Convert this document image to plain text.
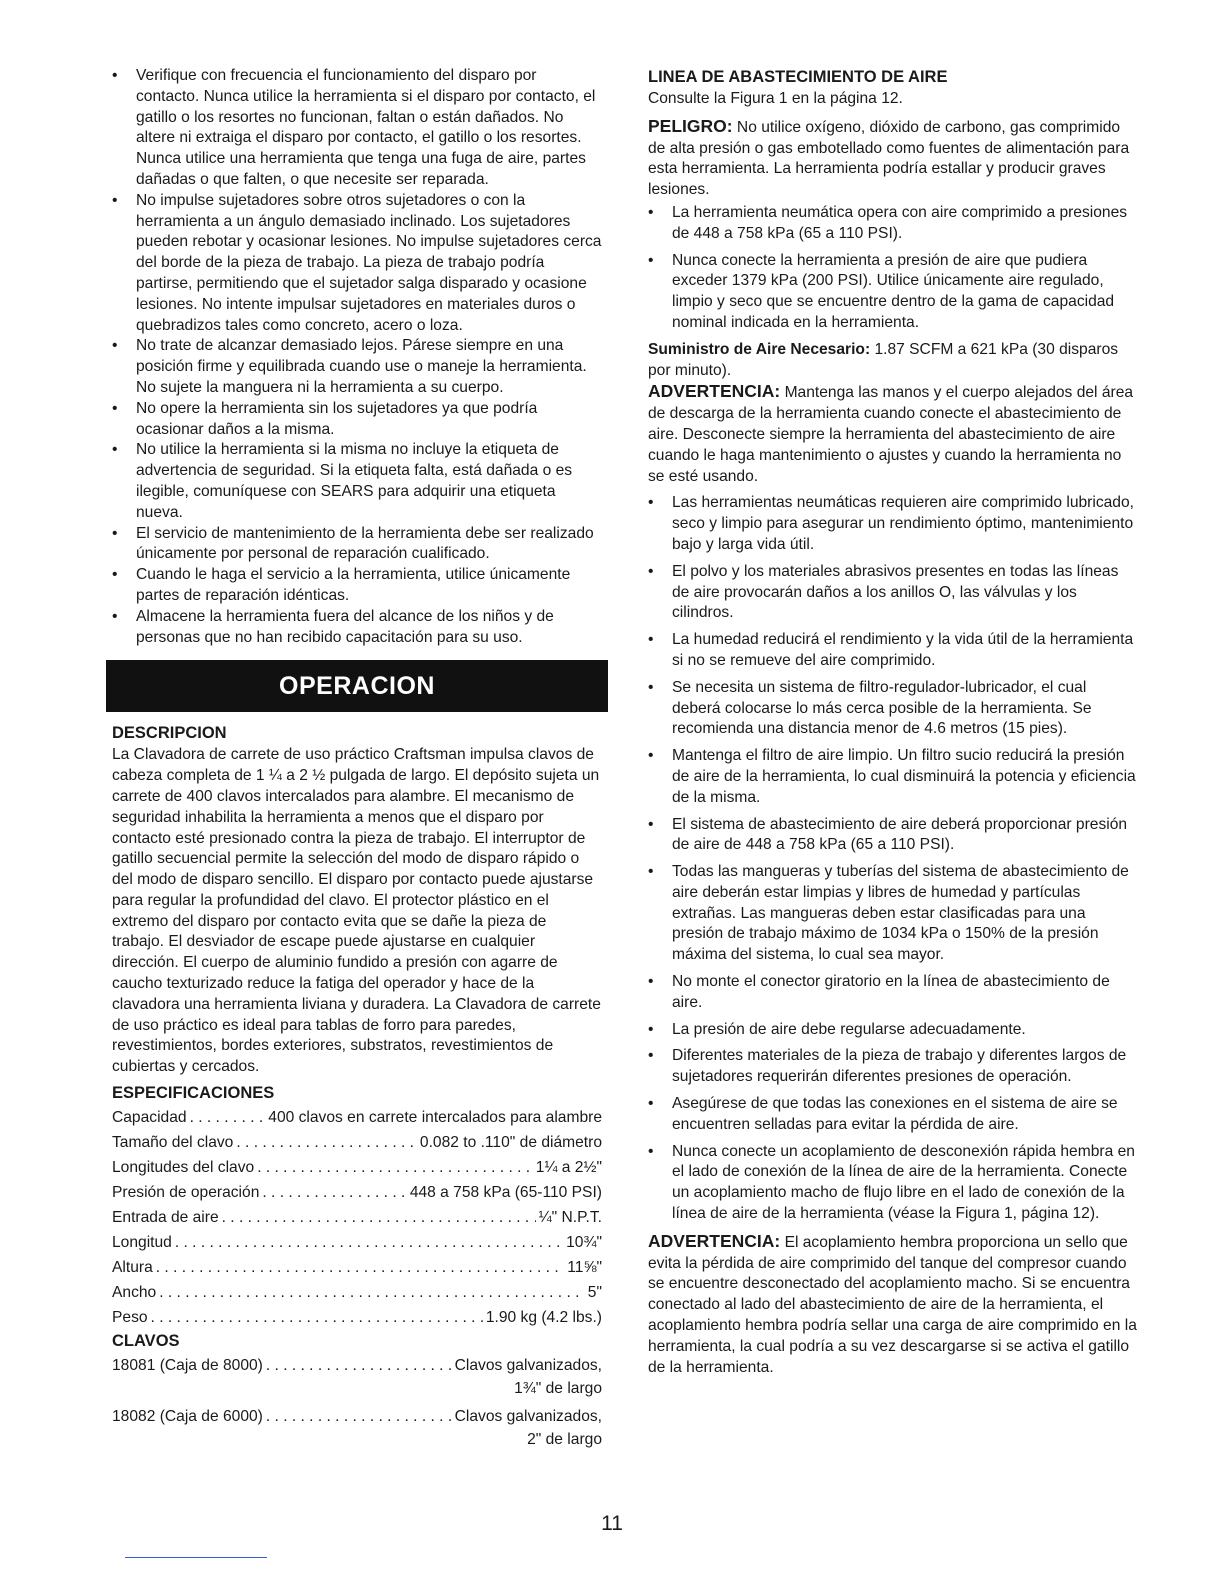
• Verifique con frecuencia el funcionamiento del disparo por contacto. Nunca utilice la herramienta si el disparo por contacto, el gatillo o los resortes no funcionan, faltan o están dañados. No altere ni extraiga el disparo por contacto, el gatillo o los resortes. Nunca utilice una herramienta que tenga una fuga de aire, partes dañadas o que falten, o que necesite ser reparada.
• No impulse sujetadores sobre otros sujetadores o con la herramienta a un ángulo demasiado inclinado. Los sujetadores pueden rebotar y ocasionar lesiones. No impulse sujetadores cerca del borde de la pieza de trabajo. La pieza de trabajo podría partirse, permitiendo que el sujetador salga disparado y ocasione lesiones. No intente impulsar sujetadores en materiales duros o quebradizos tales como concreto, acero o loza.
• No trate de alcanzar demasiado lejos. Párese siempre en una posición firme y equilibrada cuando use o maneje la herramienta. No sujete la manguera ni la herramienta a su cuerpo.
• No opere la herramienta sin los sujetadores ya que podría ocasionar daños a la misma.
• No utilice la herramienta si la misma no incluye la etiqueta de advertencia de seguridad. Si la etiqueta falta, está dañada o es ilegible, comuníquese con SEARS para adquirir una etiqueta nueva.
• El servicio de mantenimiento de la herramienta debe ser realizado únicamente por personal de reparación cualificado.
• Cuando le haga el servicio a la herramienta, utilice únicamente partes de reparación idénticas.
• Almacene la herramienta fuera del alcance de los niños y de personas que no han recibido capacitación para su uso.
OPERACION
DESCRIPCION

La Clavadora de carrete de uso práctico Craftsman impulsa clavos de cabeza completa de 1 ¼ a 2 ½ pulgada de largo. El depósito sujeta un carrete de 400 clavos intercalados para alambre. El mecanismo de seguridad inhabilita la herramienta a menos que el disparo por contacto esté presionado contra la pieza de trabajo. El interruptor de gatillo secuencial permite la selección del modo de disparo rápido o del modo de disparo sencillo. El disparo por contacto puede ajustarse para regular la profundidad del clavo. El protector plástico en el extremo del disparo por contacto evita que se dañe la pieza de trabajo. El desviador de escape puede ajustarse en cualquier dirección. El cuerpo de aluminio fundido a presión con agarre de caucho texturizado reduce la fatiga del operador y hace de la clavadora una herramienta liviana y duradera. La Clavadora de carrete de uso práctico es ideal para tablas de forro para paredes, revestimientos, bordes exteriores, substratos, revestimientos de cubiertas y cercados.

ESPECIFICACIONES
Capacidad . . .	400 clavos en carrete intercalados para alambre
Tamaño del clavo . . .	0.082 to .110" de diámetro
Longitudes del clavo . . .	1¼ a 2½"
Presión de operación . . .	448 a 758 kPa (65-110 PSI)
Entrada de aire . . .	¼" N.P.T.
Longitud . . .	10¾"
Altura . . .	11⅝"
Ancho . . .	5"
Peso . . .	1.90 kg (4.2 lbs.)
CLAVOS
18081 (Caja de 8000) . . .	Clavos galvanizados,
1¾" de largo
18082 (Caja de 6000) . . .	Clavos galvanizados,
2" de largo
LINEA DE ABASTECIMIENTO DE AIRE

Consulte la Figura 1 en la página 12.

PELIGRO: No utilice oxígeno, dióxido de carbono, gas comprimido de alta presión o gas embotellado como fuentes de alimentación para esta herramienta. La herramienta podría estallar y producir graves lesiones.

• La herramienta neumática opera con aire comprimido a presiones de 448 a 758 kPa (65 a 110 PSI).
• Nunca conecte la herramienta a presión de aire que pudiera exceder 1379 kPa (200 PSI). Utilice únicamente aire regulado, limpio y seco que se encuentre dentro de la gama de capacidad nominal indicada en la herramienta.

Suministro de Aire Necesario: 1.87 SCFM a 621 kPa (30 disparos por minuto).

ADVERTENCIA: Mantenga las manos y el cuerpo alejados del área de descarga de la herramienta cuando conecte el abastecimiento de aire. Desconecte siempre la herramienta del abastecimiento de aire cuando le haga mantenimiento o ajustes y cuando la herramienta no se esté usando.

• Las herramientas neumáticas requieren aire comprimido lubricado, seco y limpio para asegurar un rendimiento óptimo, mantenimiento bajo y larga vida útil.
• El polvo y los materiales abrasivos presentes en todas las líneas de aire provocarán daños a los anillos O, las válvulas y los cilindros.
• La humedad reducirá el rendimiento y la vida útil de la herramienta si no se remueve del aire comprimido.
• Se necesita un sistema de filtro-regulador-lubricador, el cual deberá colocarse lo más cerca posible de la herramienta. Se recomienda una distancia menor de 4.6 metros (15 pies).
• Mantenga el filtro de aire limpio. Un filtro sucio reducirá la presión de aire de la herramienta, lo cual disminuirá la potencia y eficiencia de la misma.
• El sistema de abastecimiento de aire deberá proporcionar presión de aire de 448 a 758 kPa (65 a 110 PSI).
• Todas las mangueras y tuberías del sistema de abastecimiento de aire deberán estar limpias y libres de humedad y partículas extrañas. Las mangueras deben estar clasificadas para una presión de trabajo máximo de 1034 kPa o 150% de la presión máxima del sistema, lo cual sea mayor.
• No monte el conector giratorio en la línea de abastecimiento de aire.
• La presión de aire debe regularse adecuadamente.
• Diferentes materiales de la pieza de trabajo y diferentes largos de sujetadores requerirán diferentes presiones de operación.
• Asegúrese de que todas las conexiones en el sistema de aire se encuentren selladas para evitar la pérdida de aire.
• Nunca conecte un acoplamiento de desconexión rápida hembra en el lado de conexión de la línea de aire de la herramienta. Conecte un acoplamiento macho de flujo libre en el lado de conexión de la línea de aire de la herramienta (véase la Figura 1, página 12).

ADVERTENCIA: El acoplamiento hembra proporciona un sello que evita la pérdida de aire comprimido del tanque del compresor cuando se encuentre desconectado del acoplamiento macho. Si se encuentra conectado al lado del abastecimiento de aire de la herramienta, el acoplamiento hembra podría sellar una carga de aire comprimido en la herramienta, la cual podría a su vez descargarse si se activa el gatillo de la herramienta.

11
